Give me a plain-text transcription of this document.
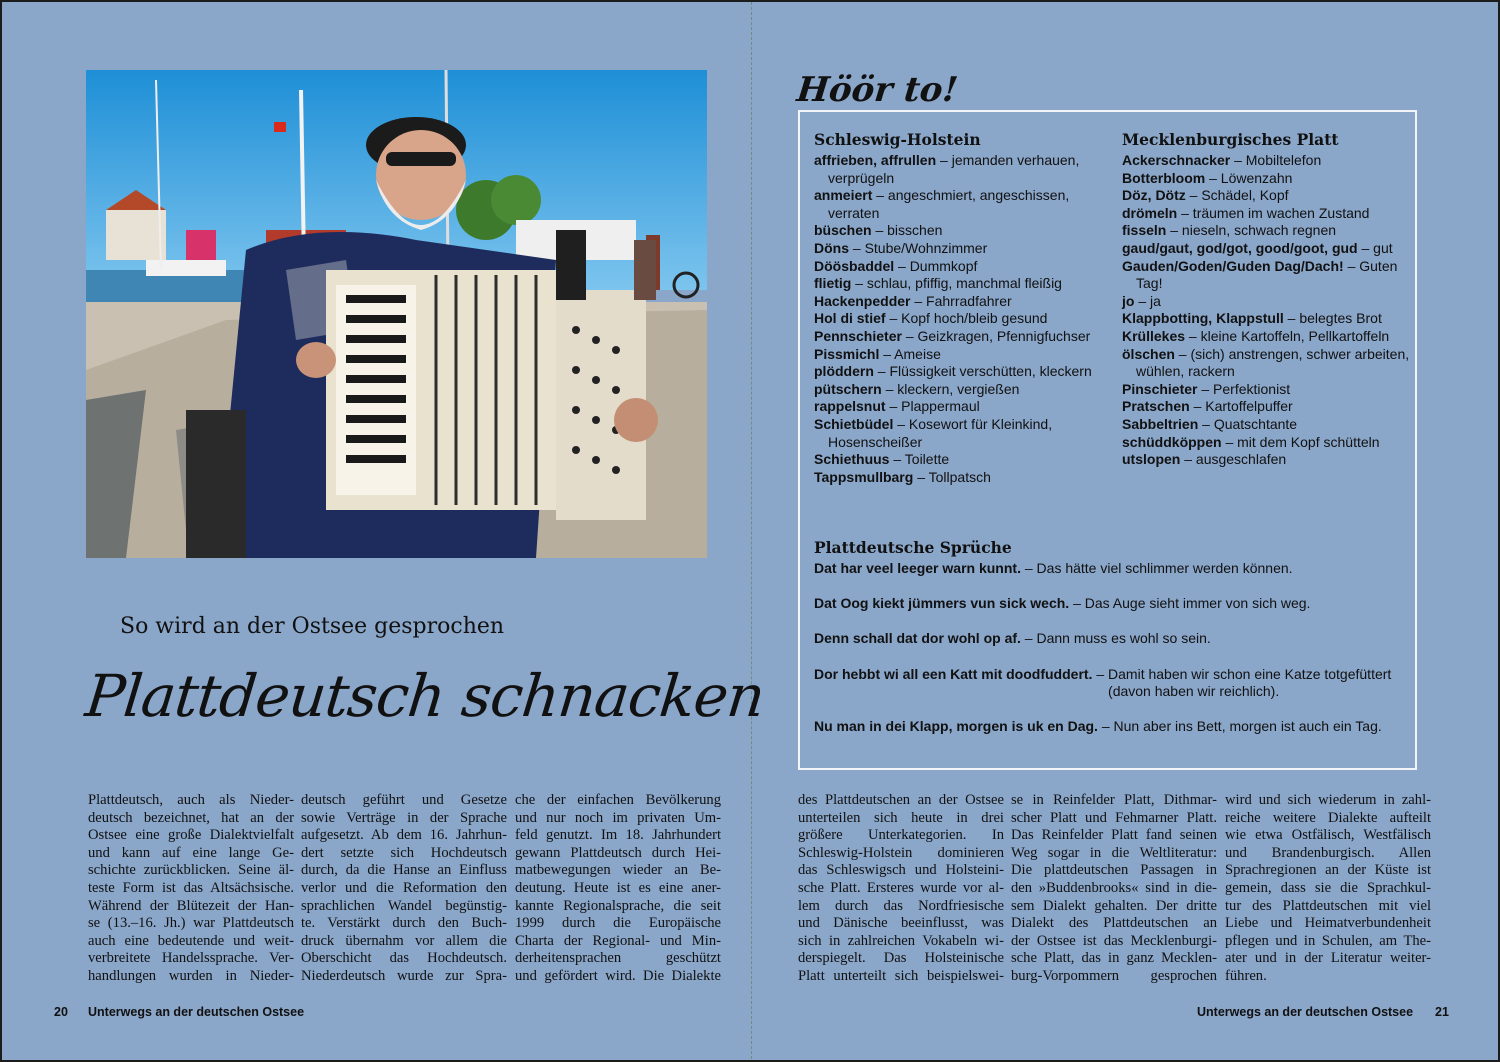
So wird an der Ostsee gesprochen
Plattdeutsch schnacken
Plattdeutsch, auch als Nieder-
deutsch bezeichnet, hat an der
Ostsee eine große Dialektvielfalt
und kann auf eine lange Ge-
schichte zurückblicken. Seine äl-
teste Form ist das Altsächsische.
Während der Blütezeit der Han-
se (13.–16. Jh.) war Plattdeutsch
auch eine bedeutende und weit-
verbreitete Handelssprache. Ver-
handlungen wurden in Nieder-
deutsch geführt und Gesetze
sowie Verträge in der Sprache
aufgesetzt. Ab dem 16. Jahrhun-
dert setzte sich Hochdeutsch
durch, da die Hanse an Einfluss
verlor und die Reformation den
sprachlichen Wandel begünstig-
te. Verstärkt durch den Buch-
druck übernahm vor allem die
Oberschicht das Hochdeutsch.
Niederdeutsch wurde zur Spra-
che der einfachen Bevölkerung
und nur noch im privaten Um-
feld genutzt. Im 18. Jahrhundert
gewann Plattdeutsch durch Hei-
matbewegungen wieder an Be-
deutung. Heute ist es eine aner-
kannte Regionalsprache, die seit
1999 durch die Europäische
Charta der Regional- und Min-
derheitensprachen geschützt
und gefördert wird. Die Dialekte
20 Unterwegs an der deutschen Ostsee
Höör to!
Schleswig-Holstein
affrieben, affrullen – jemanden verhauen, verprügeln
anmeiert – angeschmiert, angeschissen, verraten
büschen – bisschen
Döns – Stube/Wohnzimmer
Döösbaddel – Dummkopf
flietig – schlau, pfiffig, manchmal fleißig
Hackenpedder – Fahrradfahrer
Hol di stief – Kopf hoch/bleib gesund
Pennschieter – Geizkragen, Pfennigfuchser
Pissmichl – Ameise
plöddern – Flüssigkeit verschütten, kleckern
pütschern – kleckern, vergießen
rappelsnut – Plappermaul
Schietbüdel – Kosewort für Kleinkind, Hosenscheißer
Schiethuus – Toilette
Tappsmullbarg – Tollpatsch
Mecklenburgisches Platt
Ackerschnacker – Mobiltelefon
Botterbloom – Löwenzahn
Döz, Dötz – Schädel, Kopf
drömeln – träumen im wachen Zustand
fisseln – nieseln, schwach regnen
gaud/gaut, god/got, good/goot, gud – gut
Gauden/Goden/Guden Dag/Dach! – Guten Tag!
jo – ja
Klappbotting, Klappstull – belegtes Brot
Krüllekes – kleine Kartoffeln, Pellkartoffeln
ölschen – (sich) anstrengen, schwer arbeiten, wühlen, rackern
Pinschieter – Perfektionist
Pratschen – Kartoffelpuffer
Sabbeltrien – Quatschtante
schüddköppen – mit dem Kopf schütteln
utslopen – ausgeschlafen
Plattdeutsche Sprüche
Dat har veel leeger warn kunnt. – Das hätte viel schlimmer werden können.
Dat Oog kiekt jümmers vun sick wech. – Das Auge sieht immer von sich weg.
Denn schall dat dor wohl op af. – Dann muss es wohl so sein.
Dor hebbt wi all een Katt mit doodfuddert. – Damit haben wir schon eine Katze totgefüttert (davon haben wir reichlich).
Nu man in dei Klapp, morgen is uk en Dag. – Nun aber ins Bett, morgen ist auch ein Tag.
des Plattdeutschen an der Ostsee
unterteilen sich heute in drei
größere Unterkategorien. In
Schleswig-Holstein dominieren
das Schleswigsch und Holsteini-
sche Platt. Ersteres wurde vor al-
lem durch das Nordfriesische
und Dänische beeinflusst, was
sich in zahlreichen Vokabeln wi-
derspiegelt. Das Holsteinische
Platt unterteilt sich beispielswei-
se in Reinfelder Platt, Dithmar-
scher Platt und Fehmarner Platt.
Das Reinfelder Platt fand seinen
Weg sogar in die Weltliteratur:
Die plattdeutschen Passagen in
den »Buddenbrooks« sind in die-
sem Dialekt gehalten. Der dritte
Dialekt des Plattdeutschen an
der Ostsee ist das Mecklenburgi-
sche Platt, das in ganz Mecklen-
burg-Vorpommern gesprochen
wird und sich wiederum in zahl-
reiche weitere Dialekte aufteilt
wie etwa Ostfälisch, Westfälisch
und Brandenburgisch. Allen
Sprachregionen an der Küste ist
gemein, dass sie die Sprachkul-
tur des Plattdeutschen mit viel
Liebe und Heimatverbundenheit
pflegen und in Schulen, am The-
ater und in der Literatur weiter-
führen.
Unterwegs an der deutschen Ostsee 21
